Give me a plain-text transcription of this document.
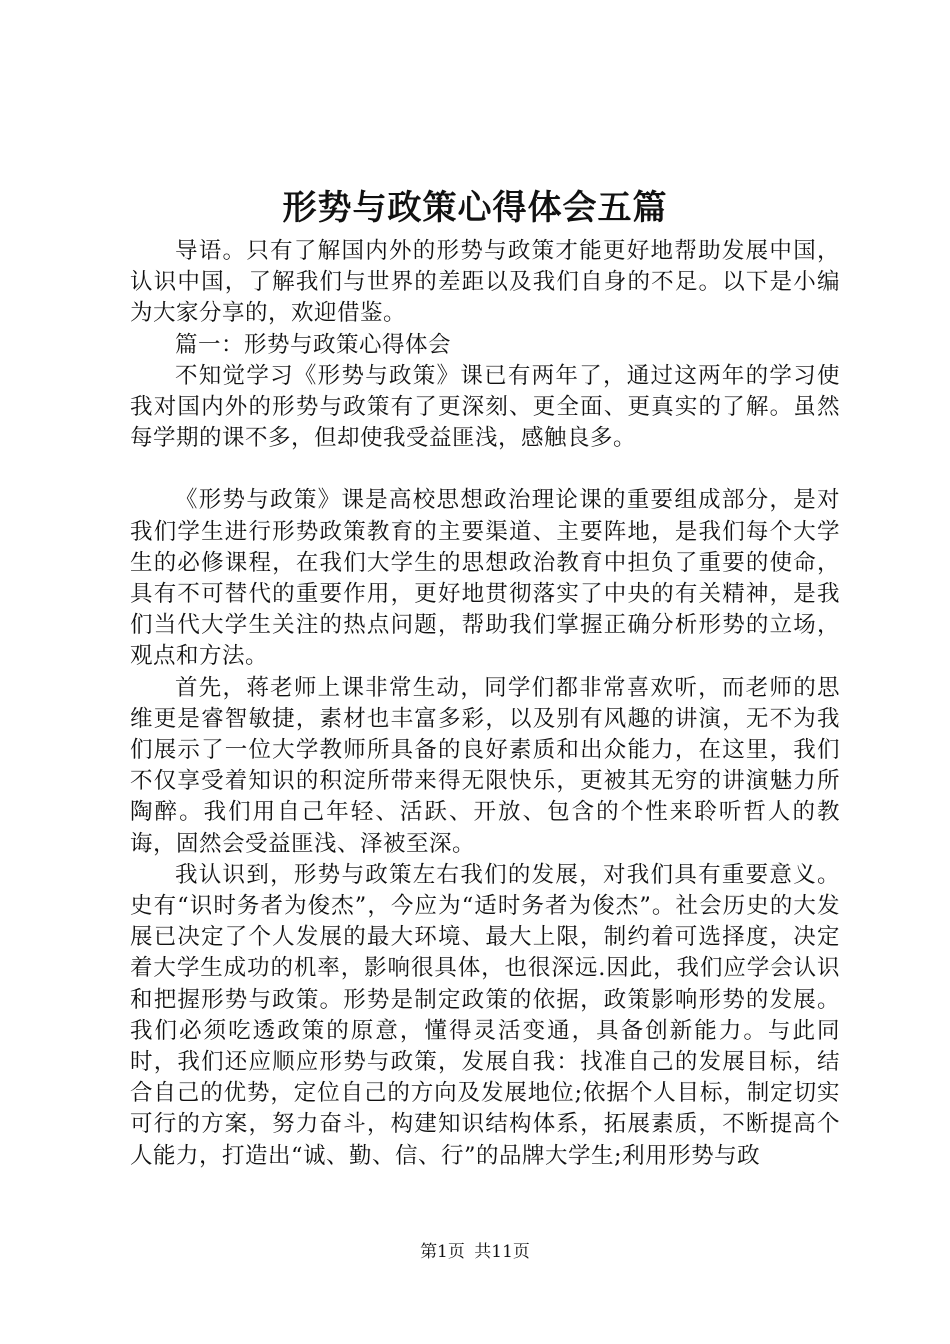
形势与政策心得体会五篇

导语。只有了解国内外的形势与政策才能更好地帮助发展中国，认识中国，了解我们与世界的差距以及我们自身的不足。以下是小编为大家分享的，欢迎借鉴。

篇一：形势与政策心得体会

不知觉学习《形势与政策》课已有两年了，通过这两年的学习使我对国内外的形势与政策有了更深刻、更全面、更真实的了解。虽然每学期的课不多，但却使我受益匪浅，感触良多。

《形势与政策》课是高校思想政治理论课的重要组成部分，是对我们学生进行形势政策教育的主要渠道、主要阵地，是我们每个大学生的必修课程，在我们大学生的思想政治教育中担负了重要的使命，具有不可替代的重要作用，更好地贯彻落实了中央的有关精神，是我们当代大学生关注的热点问题，帮助我们掌握正确分析形势的立场，观点和方法。

首先，蒋老师上课非常生动，同学们都非常喜欢听，而老师的思维更是睿智敏捷，素材也丰富多彩，以及别有风趣的讲演，无不为我们展示了一位大学教师所具备的良好素质和出众能力，在这里，我们不仅享受着知识的积淀所带来得无限快乐，更被其无穷的讲演魅力所陶醉。我们用自己年轻、活跃、开放、包含的个性来聆听哲人的教诲，固然会受益匪浅、泽被至深。

我认识到，形势与政策左右我们的发展，对我们具有重要意义。史有“识时务者为俊杰”，今应为“适时务者为俊杰”。社会历史的大发展已决定了个人发展的最大环境、最大上限，制约着可选择度，决定着大学生成功的机率，影响很具体，也很深远.因此，我们应学会认识和把握形势与政策。形势是制定政策的依据，政策影响形势的发展。我们必须吃透政策的原意，懂得灵活变通，具备创新能力。与此同时，我们还应顺应形势与政策，发展自我：找准自己的发展目标，结合自己的优势，定位自己的方向及发展地位;依据个人目标，制定切实可行的方案，努力奋斗，构建知识结构体系，拓展素质，不断提高个人能力，打造出“诚、勤、信、行”的品牌大学生;利用形势与政

第1页 共11页
